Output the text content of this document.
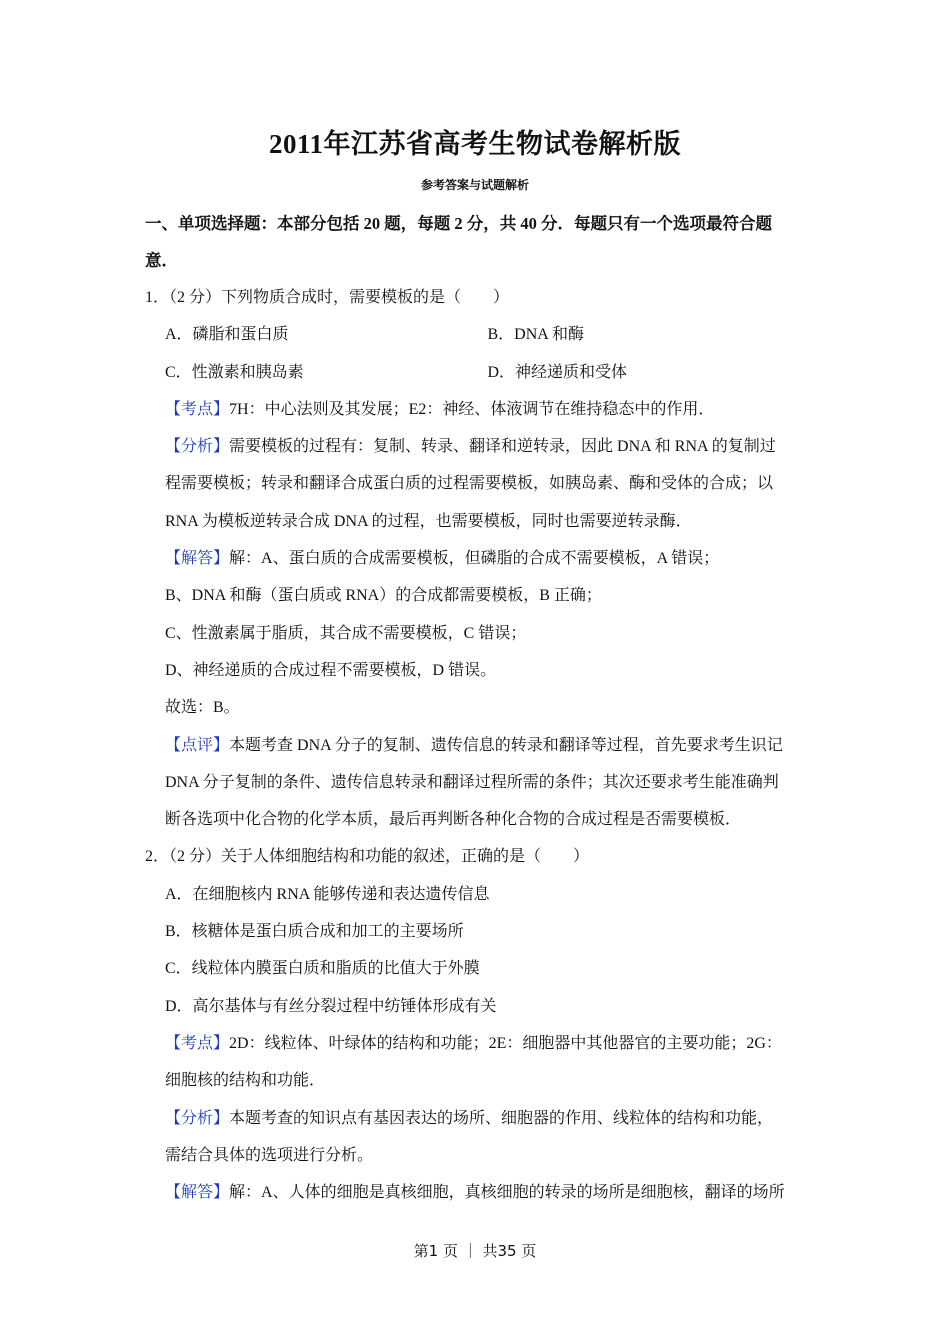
2011年江苏省高考生物试卷解析版
参考答案与试题解析

一、单项选择题：本部分包括 20 题，每题 2 分，共 40 分．每题只有一个选项最符合题

意．

1．（2 分）下列物质合成时，需要模板的是（　　）

A．磷脂和蛋白质	B．DNA 和酶
C．性激素和胰岛素	D．神经递质和受体

【考点】7H：中心法则及其发展；E2：神经、体液调节在维持稳态中的作用．

【分析】需要模板的过程有：复制、转录、翻译和逆转录，因此 DNA 和 RNA 的复制过

程需要模板；转录和翻译合成蛋白质的过程需要模板，如胰岛素、酶和受体的合成；以

RNA 为模板逆转录合成 DNA 的过程，也需要模板，同时也需要逆转录酶．

【解答】解：A、蛋白质的合成需要模板，但磷脂的合成不需要模板，A 错误；

B、DNA 和酶（蛋白质或 RNA）的合成都需要模板，B 正确；

C、性激素属于脂质，其合成不需要模板，C 错误；

D、神经递质的合成过程不需要模板，D 错误。

故选：B。

【点评】本题考查 DNA 分子的复制、遗传信息的转录和翻译等过程，首先要求考生识记

DNA 分子复制的条件、遗传信息转录和翻译过程所需的条件；其次还要求考生能准确判

断各选项中化合物的化学本质，最后再判断各种化合物的合成过程是否需要模板．

2．（2 分）关于人体细胞结构和功能的叙述，正确的是（　　）

A．在细胞核内 RNA 能够传递和表达遗传信息

B．核糖体是蛋白质合成和加工的主要场所

C．线粒体内膜蛋白质和脂质的比值大于外膜

D．高尔基体与有丝分裂过程中纺锤体形成有关

【考点】2D：线粒体、叶绿体的结构和功能；2E：细胞器中其他器官的主要功能；2G：

细胞核的结构和功能．

【分析】本题考查的知识点有基因表达的场所、细胞器的作用、线粒体的结构和功能，

需结合具体的选项进行分析。

【解答】解：A、人体的细胞是真核细胞，真核细胞的转录的场所是细胞核，翻译的场所

第1 页 ｜ 共35 页
